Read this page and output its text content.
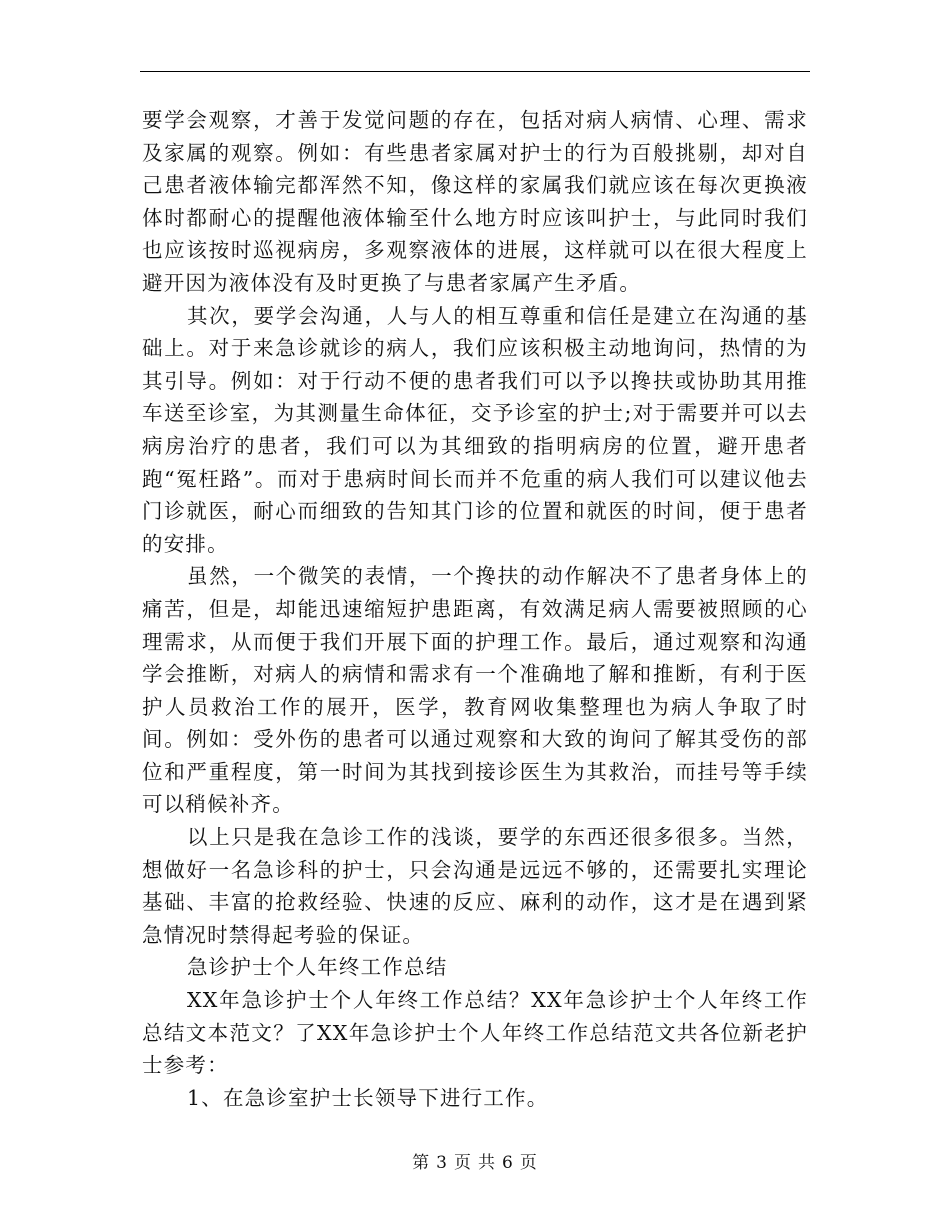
要学会观察，才善于发觉问题的存在，包括对病人病情、心理、需求及家属的观察。例如：有些患者家属对护士的行为百般挑剔，却对自己患者液体输完都浑然不知，像这样的家属我们就应该在每次更换液体时都耐心的提醒他液体输至什么地方时应该叫护士，与此同时我们也应该按时巡视病房，多观察液体的进展，这样就可以在很大程度上避开因为液体没有及时更换了与患者家属产生矛盾。

其次，要学会沟通，人与人的相互尊重和信任是建立在沟通的基础上。对于来急诊就诊的病人，我们应该积极主动地询问，热情的为其引导。例如：对于行动不便的患者我们可以予以搀扶或协助其用推车送至诊室，为其测量生命体征，交予诊室的护士;对于需要并可以去病房治疗的患者，我们可以为其细致的指明病房的位置，避开患者跑“冤枉路”。而对于患病时间长而并不危重的病人我们可以建议他去门诊就医，耐心而细致的告知其门诊的位置和就医的时间，便于患者的安排。

虽然，一个微笑的表情，一个搀扶的动作解决不了患者身体上的痛苦，但是，却能迅速缩短护患距离，有效满足病人需要被照顾的心理需求，从而便于我们开展下面的护理工作。最后，通过观察和沟通学会推断，对病人的病情和需求有一个准确地了解和推断，有利于医护人员救治工作的展开，医学，教育网收集整理也为病人争取了时间。例如：受外伤的患者可以通过观察和大致的询问了解其受伤的部位和严重程度，第一时间为其找到接诊医生为其救治，而挂号等手续可以稍候补齐。

以上只是我在急诊工作的浅谈，要学的东西还很多很多。当然，想做好一名急诊科的护士，只会沟通是远远不够的，还需要扎实理论基础、丰富的抢救经验、快速的反应、麻利的动作，这才是在遇到紧急情况时禁得起考验的保证。

急诊护士个人年终工作总结

XX年急诊护士个人年终工作总结？XX年急诊护士个人年终工作总结文本范文？了XX年急诊护士个人年终工作总结范文共各位新老护士参考：

1、在急诊室护士长领导下进行工作。

第 3 页 共 6 页
